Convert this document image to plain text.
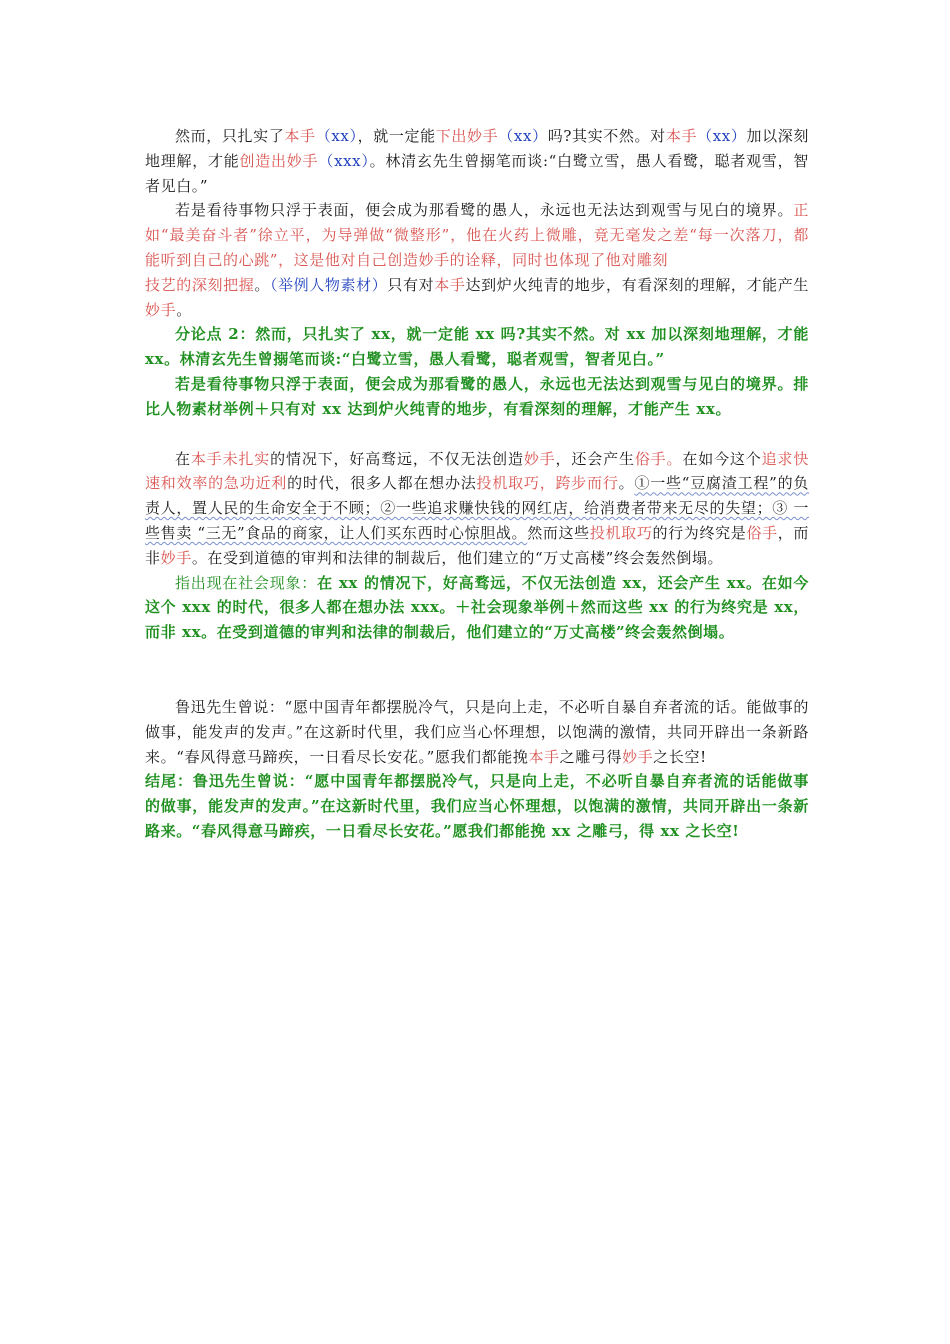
然而，只扎实了本手（xx），就一定能下出妙手（xx）吗?其实不然。对本手（xx）加以深刻地理解，才能创造出妙手（xxx）。林清玄先生曾搦笔而谈:“白鹭立雪，愚人看鹭，聪者观雪，智者见白。”

若是看待事物只浮于表面，便会成为那看鹭的愚人，永远也无法达到观雪与见白的境界。正如“最美奋斗者”徐立平，为导弹做“微整形”，他在火药上微雕，竟无毫发之差“每一次落刀，都能听到自己的心跳”，这是他对自己创造妙手的诠释，同时也体现了他对雕刻
技艺的深刻把握。（举例人物素材）只有对本手达到炉火纯青的地步，有看深刻的理解，才能产生妙手。

分论点 2：然而，只扎实了 xx，就一定能 xx 吗?其实不然。对 xx 加以深刻地理解，才能 xx。林清玄先生曾搦笔而谈:“白鹭立雪，愚人看鹭，聪者观雪，智者见白。”

若是看待事物只浮于表面，便会成为那看鹭的愚人，永远也无法达到观雪与见白的境界。排比人物素材举例＋只有对 xx 达到炉火纯青的地步，有看深刻的理解，才能产生 xx。

在本手未扎实的情况下，好高骛远，不仅无法创造妙手，还会产生俗手。在如今这个追求快速和效率的急功近利的时代，很多人都在想办法投机取巧，跨步而行。①一些“豆腐渣工程”的负责人，置人民的生命安全于不顾；②一些追求赚快钱的网红店，给消费者带来无尽的失望；③ 一些售卖 “三无”食品的商家，让人们买东西时心惊胆战。然而这些投机取巧的行为终究是俗手，而非妙手。在受到道德的审判和法律的制裁后，他们建立的“万丈高楼”终会轰然倒塌。

指出现在社会现象：在 xx 的情况下，好高骛远，不仅无法创造 xx，还会产生 xx。在如今这个 xxx 的时代，很多人都在想办法 xxx。＋社会现象举例＋然而这些 xx 的行为终究是 xx，而非 xx。在受到道德的审判和法律的制裁后，他们建立的“万丈高楼”终会轰然倒塌。

鲁迅先生曾说：“愿中国青年都摆脱冷气，只是向上走，不必听自暴自弃者流的话。能做事的做事，能发声的发声。”在这新时代里，我们应当心怀理想，以饱满的激情，共同开辟出一条新路来。“春风得意马蹄疾，一日看尽长安花。”愿我们都能挽本手之雕弓得妙手之长空!

结尾：鲁迅先生曾说：“愿中国青年都摆脱冷气，只是向上走，不必听自暴自弃者流的话能做事的做事，能发声的发声。”在这新时代里，我们应当心怀理想，以饱满的激情，共同开辟出一条新路来。“春风得意马蹄疾，一日看尽长安花。”愿我们都能挽 xx 之雕弓，得 xx 之长空!
